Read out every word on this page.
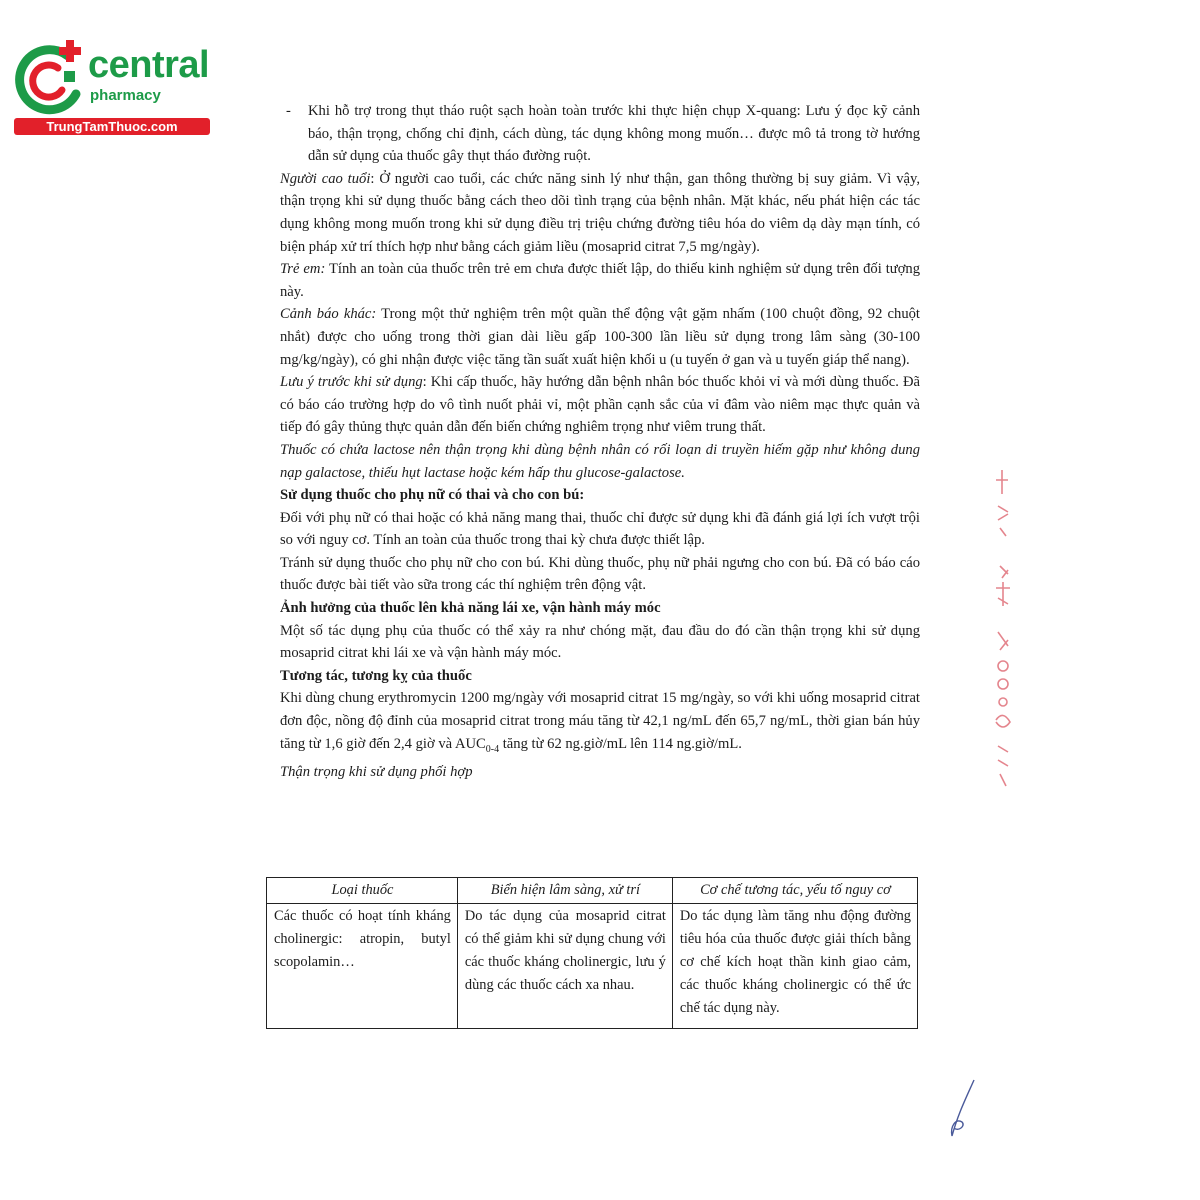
central
pharmacy
TrungTamThuoc.com

- Khi hỗ trợ trong thụt tháo ruột sạch hoàn toàn trước khi thực hiện chụp X-quang: Lưu ý đọc kỹ cảnh báo, thận trọng, chống chỉ định, cách dùng, tác dụng không mong muốn… được mô tả trong tờ hướng dẫn sử dụng của thuốc gây thụt tháo đường ruột.

Người cao tuổi: Ở người cao tuổi, các chức năng sinh lý như thận, gan thông thường bị suy giảm. Vì vậy, thận trọng khi sử dụng thuốc bằng cách theo dõi tình trạng của bệnh nhân. Mặt khác, nếu phát hiện các tác dụng không mong muốn trong khi sử dụng điều trị triệu chứng đường tiêu hóa do viêm dạ dày mạn tính, có biện pháp xử trí thích hợp như bằng cách giảm liều (mosaprid citrat 7,5 mg/ngày).

Trẻ em: Tính an toàn của thuốc trên trẻ em chưa được thiết lập, do thiếu kinh nghiệm sử dụng trên đối tượng này.

Cảnh báo khác: Trong một thử nghiệm trên một quần thể động vật gặm nhấm (100 chuột đồng, 92 chuột nhắt) được cho uống trong thời gian dài liều gấp 100-300 lần liều sử dụng trong lâm sàng (30-100 mg/kg/ngày), có ghi nhận được việc tăng tần suất xuất hiện khối u (u tuyến ở gan và u tuyến giáp thể nang).

Lưu ý trước khi sử dụng: Khi cấp thuốc, hãy hướng dẫn bệnh nhân bóc thuốc khỏi vỉ và mới dùng thuốc. Đã có báo cáo trường hợp do vô tình nuốt phải vỉ, một phần cạnh sắc của vỉ đâm vào niêm mạc thực quản và tiếp đó gây thủng thực quản dẫn đến biến chứng nghiêm trọng như viêm trung thất.

Thuốc có chứa lactose nên thận trọng khi dùng bệnh nhân có rối loạn di truyền hiếm gặp như không dung nạp galactose, thiếu hụt lactase hoặc kém hấp thu glucose-galactose.

Sử dụng thuốc cho phụ nữ có thai và cho con bú:

Đối với phụ nữ có thai hoặc có khả năng mang thai, thuốc chỉ được sử dụng khi đã đánh giá lợi ích vượt trội so với nguy cơ. Tính an toàn của thuốc trong thai kỳ chưa được thiết lập.

Tránh sử dụng thuốc cho phụ nữ cho con bú. Khi dùng thuốc, phụ nữ phải ngưng cho con bú. Đã có báo cáo thuốc được bài tiết vào sữa trong các thí nghiệm trên động vật.

Ảnh hưởng của thuốc lên khả năng lái xe, vận hành máy móc

Một số tác dụng phụ của thuốc có thể xảy ra như chóng mặt, đau đầu do đó cần thận trọng khi sử dụng mosaprid citrat khi lái xe và vận hành máy móc.

Tương tác, tương kỵ của thuốc

Khi dùng chung erythromycin 1200 mg/ngày với mosaprid citrat 15 mg/ngày, so với khi uống mosaprid citrat đơn độc, nồng độ đỉnh của mosaprid citrat trong máu tăng từ 42,1 ng/mL đến 65,7 ng/mL, thời gian bán hủy tăng từ 1,6 giờ đến 2,4 giờ và $AUC_{0-4}$ tăng từ 62 ng.giờ/mL lên 114 ng.giờ/mL.

Thận trọng khi sử dụng phối hợp

Loại thuốc	Biển hiện lâm sàng, xử trí	Cơ chế tương tác, yếu tố nguy cơ
Các thuốc có hoạt tính kháng cholinergic: atropin, butyl scopolamin…	Do tác dụng của mosaprid citrat có thể giảm khi sử dụng chung với các thuốc kháng cholinergic, lưu ý dùng các thuốc cách xa nhau.	Do tác dụng làm tăng nhu động đường tiêu hóa của thuốc được giải thích bằng cơ chế kích hoạt thần kinh giao cảm, các thuốc kháng cholinergic có thể ức chế tác dụng này.
